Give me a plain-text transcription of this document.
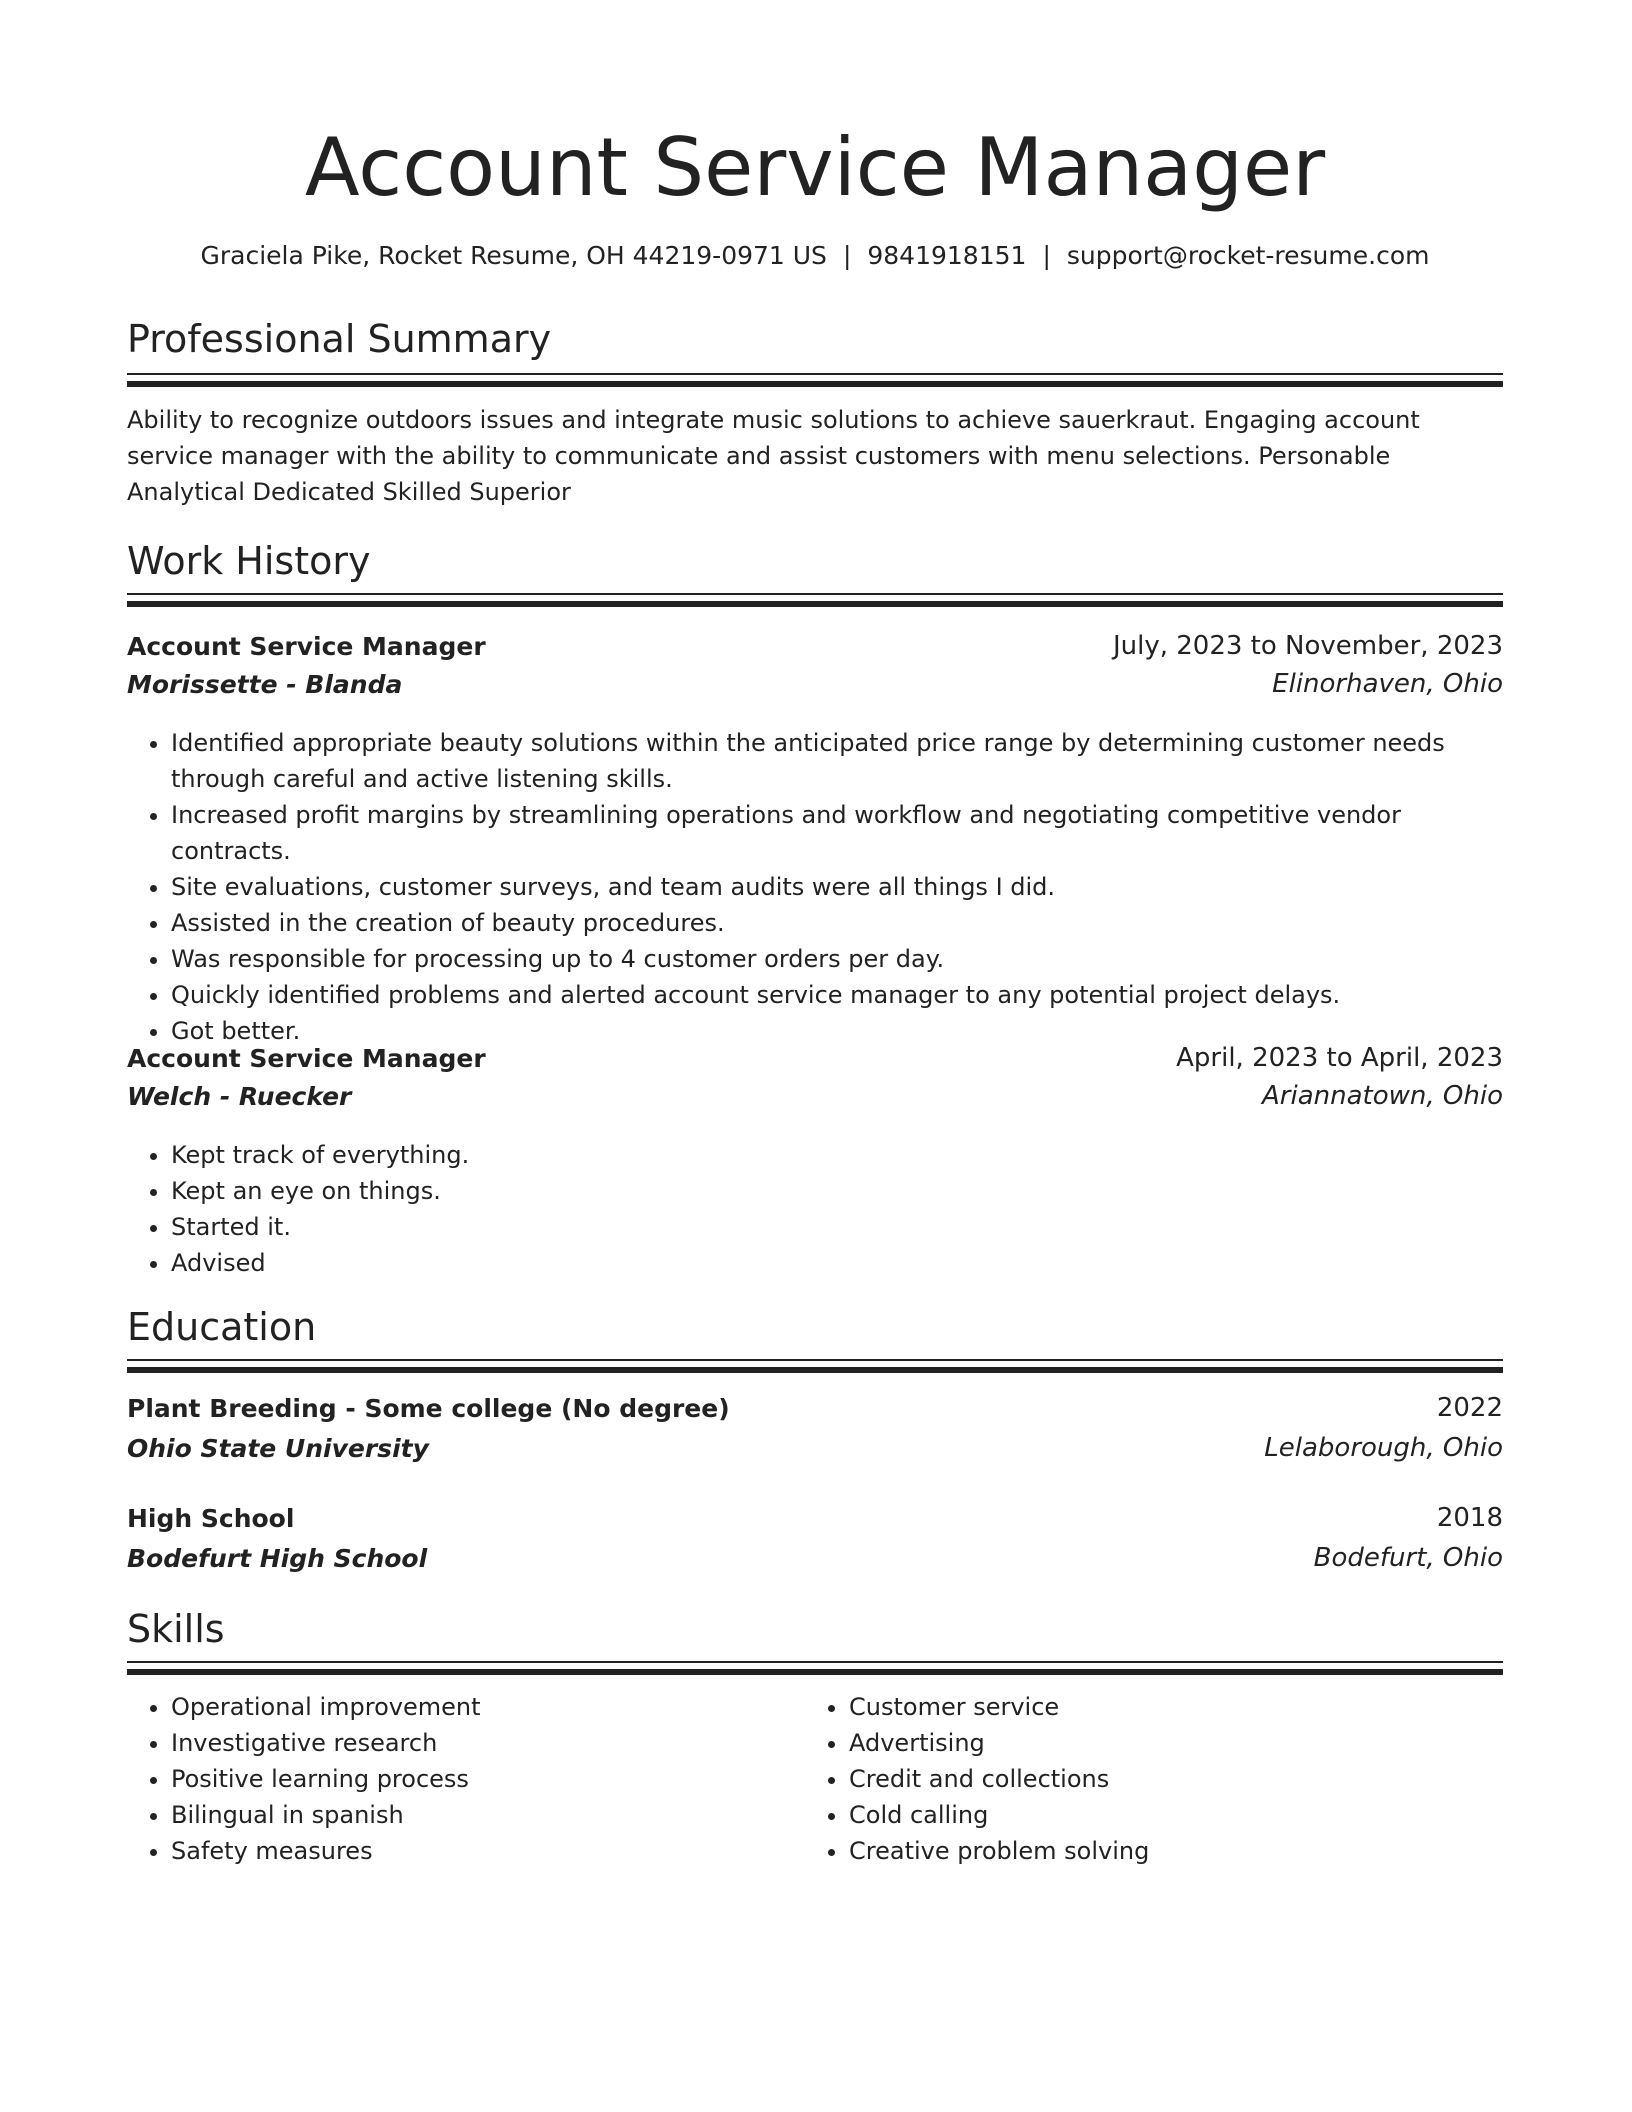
Account Service Manager
Graciela Pike, Rocket Resume, OH 44219-0971 US | 9841918151 | support@rocket-resume.com
Professional Summary

Ability to recognize outdoors issues and integrate music solutions to achieve sauerkraut. Engaging account service manager with the ability to communicate and assist customers with menu selections. Personable Analytical Dedicated Skilled Superior

Work History
Account Service Manager	July, 2023 to November, 2023
Morissette - Blanda	Elinorhaven, Ohio
• Identified appropriate beauty solutions within the anticipated price range by determining customer needs through careful and active listening skills.
• Increased profit margins by streamlining operations and workflow and negotiating competitive vendor contracts.
• Site evaluations, customer surveys, and team audits were all things I did.
• Assisted in the creation of beauty procedures.
• Was responsible for processing up to 4 customer orders per day.
• Quickly identified problems and alerted account service manager to any potential project delays.
• Got better.
Account Service Manager	April, 2023 to April, 2023
Welch - Ruecker	Ariannatown, Ohio
• Kept track of everything.
• Kept an eye on things.
• Started it.
• Advised
Education
Plant Breeding - Some college (No degree)	2022
Ohio State University	Lelaborough, Ohio
High School	2018
Bodefurt High School	Bodefurt, Ohio
Skills
• Operational improvement
• Investigative research
• Positive learning process
• Bilingual in spanish
• Safety measures
• Customer service
• Advertising
• Credit and collections
• Cold calling
• Creative problem solving
